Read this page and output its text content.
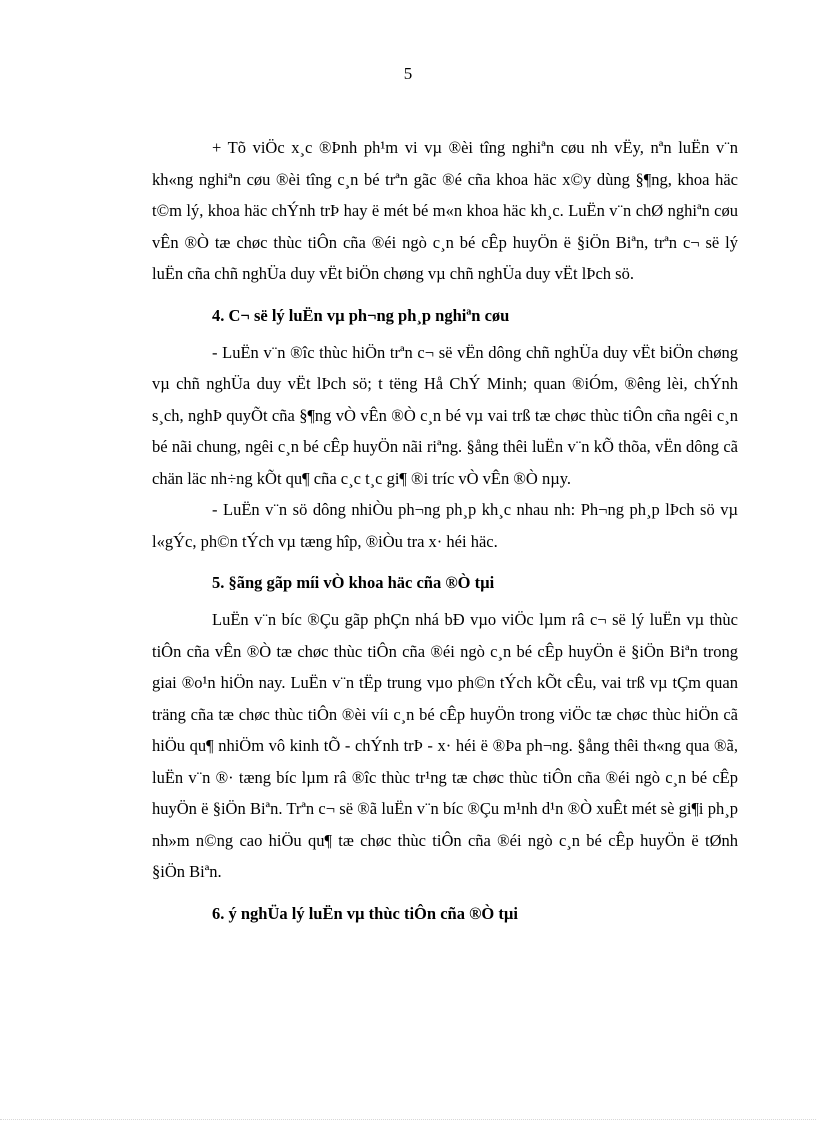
5

+ Tõ viÖc x¸c ®Þnh ph¹m vi vµ ®èi tîng nghiªn cøu nh vËy, nªn luËn v¨n kh«ng nghiªn cøu ®èi tîng c¸n bé trªn gãc ®é cña khoa häc x©y dùng §¶ng, khoa häc t©m lý, khoa häc chÝnh trÞ hay ë mét bé m«n khoa häc kh¸c. LuËn v¨n chØ nghiªn cøu vÊn ®Ò tæ chøc thùc tiÔn cña ®éi ngò c¸n bé cÊp huyÖn ë §iÖn Biªn, trªn c¬ së lý luËn cña chñ nghÜa duy vËt biÖn chøng vµ chñ nghÜa duy vËt lÞch sö.

4. C¬ së lý luËn vµ ph¬ng ph¸p nghiªn cøu

- LuËn v¨n ®îc thùc hiÖn trªn c¬ së vËn dông chñ nghÜa duy vËt biÖn chøng vµ chñ nghÜa duy vËt lÞch sö; t tëng Hå ChÝ Minh; quan ®iÓm, ®êng lèi, chÝnh s¸ch, nghÞ quyÕt cña §¶ng vÒ vÊn ®Ò c¸n bé vµ vai trß tæ chøc thùc tiÔn cña ngêi c¸n bé nãi chung, ngêi c¸n bé cÊp huyÖn nãi riªng. §ång thêi luËn v¨n kÕ thõa, vËn dông cã chän läc nh÷ng kÕt qu¶ cña c¸c t¸c gi¶ ®i tríc vÒ vÊn ®Ò nµy.

- LuËn v¨n sö dông nhiÒu ph¬ng ph¸p kh¸c nhau nh: Ph¬ng ph¸p lÞch sö vµ l«gÝc, ph©n tÝch vµ tæng hîp, ®iÒu tra x· héi häc.

5. §ãng gãp míi vÒ khoa häc cña ®Ò tµi

LuËn v¨n bíc ®Çu gãp phÇn nhá bÐ vµo viÖc lµm râ c¬ së lý luËn vµ thùc tiÔn cña vÊn ®Ò tæ chøc thùc tiÔn cña ®éi ngò c¸n bé cÊp huyÖn ë §iÖn Biªn trong giai ®o¹n hiÖn nay. LuËn v¨n tËp trung vµo ph©n tÝch kÕt cÊu, vai trß vµ tÇm quan träng cña tæ chøc thùc tiÔn ®èi víi c¸n bé cÊp huyÖn trong viÖc tæ chøc thùc hiÖn cã hiÖu qu¶ nhiÖm vô kinh tÕ - chÝnh trÞ - x· héi ë ®Þa ph¬ng. §ång thêi th«ng qua ®ã, luËn v¨n ®· tæng bíc lµm râ ®îc thùc tr¹ng tæ chøc thùc tiÔn cña ®éi ngò c¸n bé cÊp huyÖn ë §iÖn Biªn. Trªn c¬ së ®ã luËn v¨n bíc ®Çu m¹nh d¹n ®Ò xuÊt mét sè gi¶i ph¸p nh»m n©ng cao hiÖu qu¶ tæ chøc thùc tiÔn cña ®éi ngò c¸n bé cÊp huyÖn ë tØnh §iÖn Biªn.

6. ý nghÜa lý luËn vµ thùc tiÔn cña ®Ò tµi
